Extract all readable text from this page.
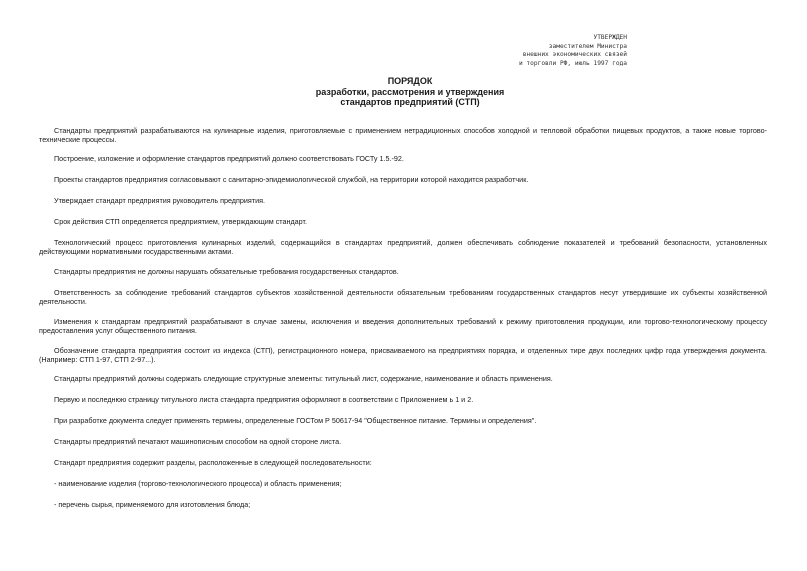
УТВЕРЖДЕН
заместителем Министра
внешних экономических связей
и торговли РФ, июль 1997 года
ПОРЯДОК
разработки, рассмотрения и утверждения
стандартов предприятий (СТП)

Стандарты предприятий разрабатываются на кулинарные изделия, приготовляемые с применением нетрадиционных способов холодной и тепловой обработки пищевых продуктов, а также новые торгово-технические процессы.

Построение, изложение и оформление стандартов предприятий должно соответствовать ГОСТу 1.5.-92.

Проекты стандартов предприятия согласовывают с санитарно-эпидемиологической службой, на территории которой находится разработчик.

Утверждает стандарт предприятия руководитель предприятия.

Срок действия СТП определяется предприятием, утверждающим стандарт.

Технологический процесс приготовления кулинарных изделий, содержащийся в стандартах предприятий, должен обеспечивать соблюдение показателей и требований безопасности, установленных действующими нормативными государственными актами.

Стандарты предприятия не должны нарушать обязательные требования государственных стандартов.

Ответственность за соблюдение требований стандартов субъектов хозяйственной деятельности обязательным требованиям государственных стандартов несут утвердившие их субъекты хозяйственной деятельности.

Изменения к стандартам предприятий разрабатывают в случае замены, исключения и введения дополнительных требований к режиму приготовления продукции, или торгово-технологическому процессу предоставления услуг общественного питания.

Обозначение стандарта предприятия состоит из индекса (СТП), регистрационного номера, присваиваемого на предприятиях порядка, и отделенных тире двух последних цифр года утверждения документа. (Например: СТП 1-97, СТП 2-97...).

Стандарты предприятий должны содержать следующие структурные элементы: титульный лист, содержание, наименование и область применения.

Первую и последнюю страницу титульного листа стандарта предприятия оформляют в соответствии с Приложением ь 1 и 2.

При разработке документа следует применять термины, определенные ГОСТом Р 50617-94 "Общественное питание. Термины и определения".

Стандарты предприятий печатают машинописным способом на одной стороне листа.

Стандарт предприятия содержит разделы, расположенные в следующей последовательности:

- наименование изделия (торгово-технологического процесса) и область применения;

- перечень сырья, применяемого для изготовления блюда;
